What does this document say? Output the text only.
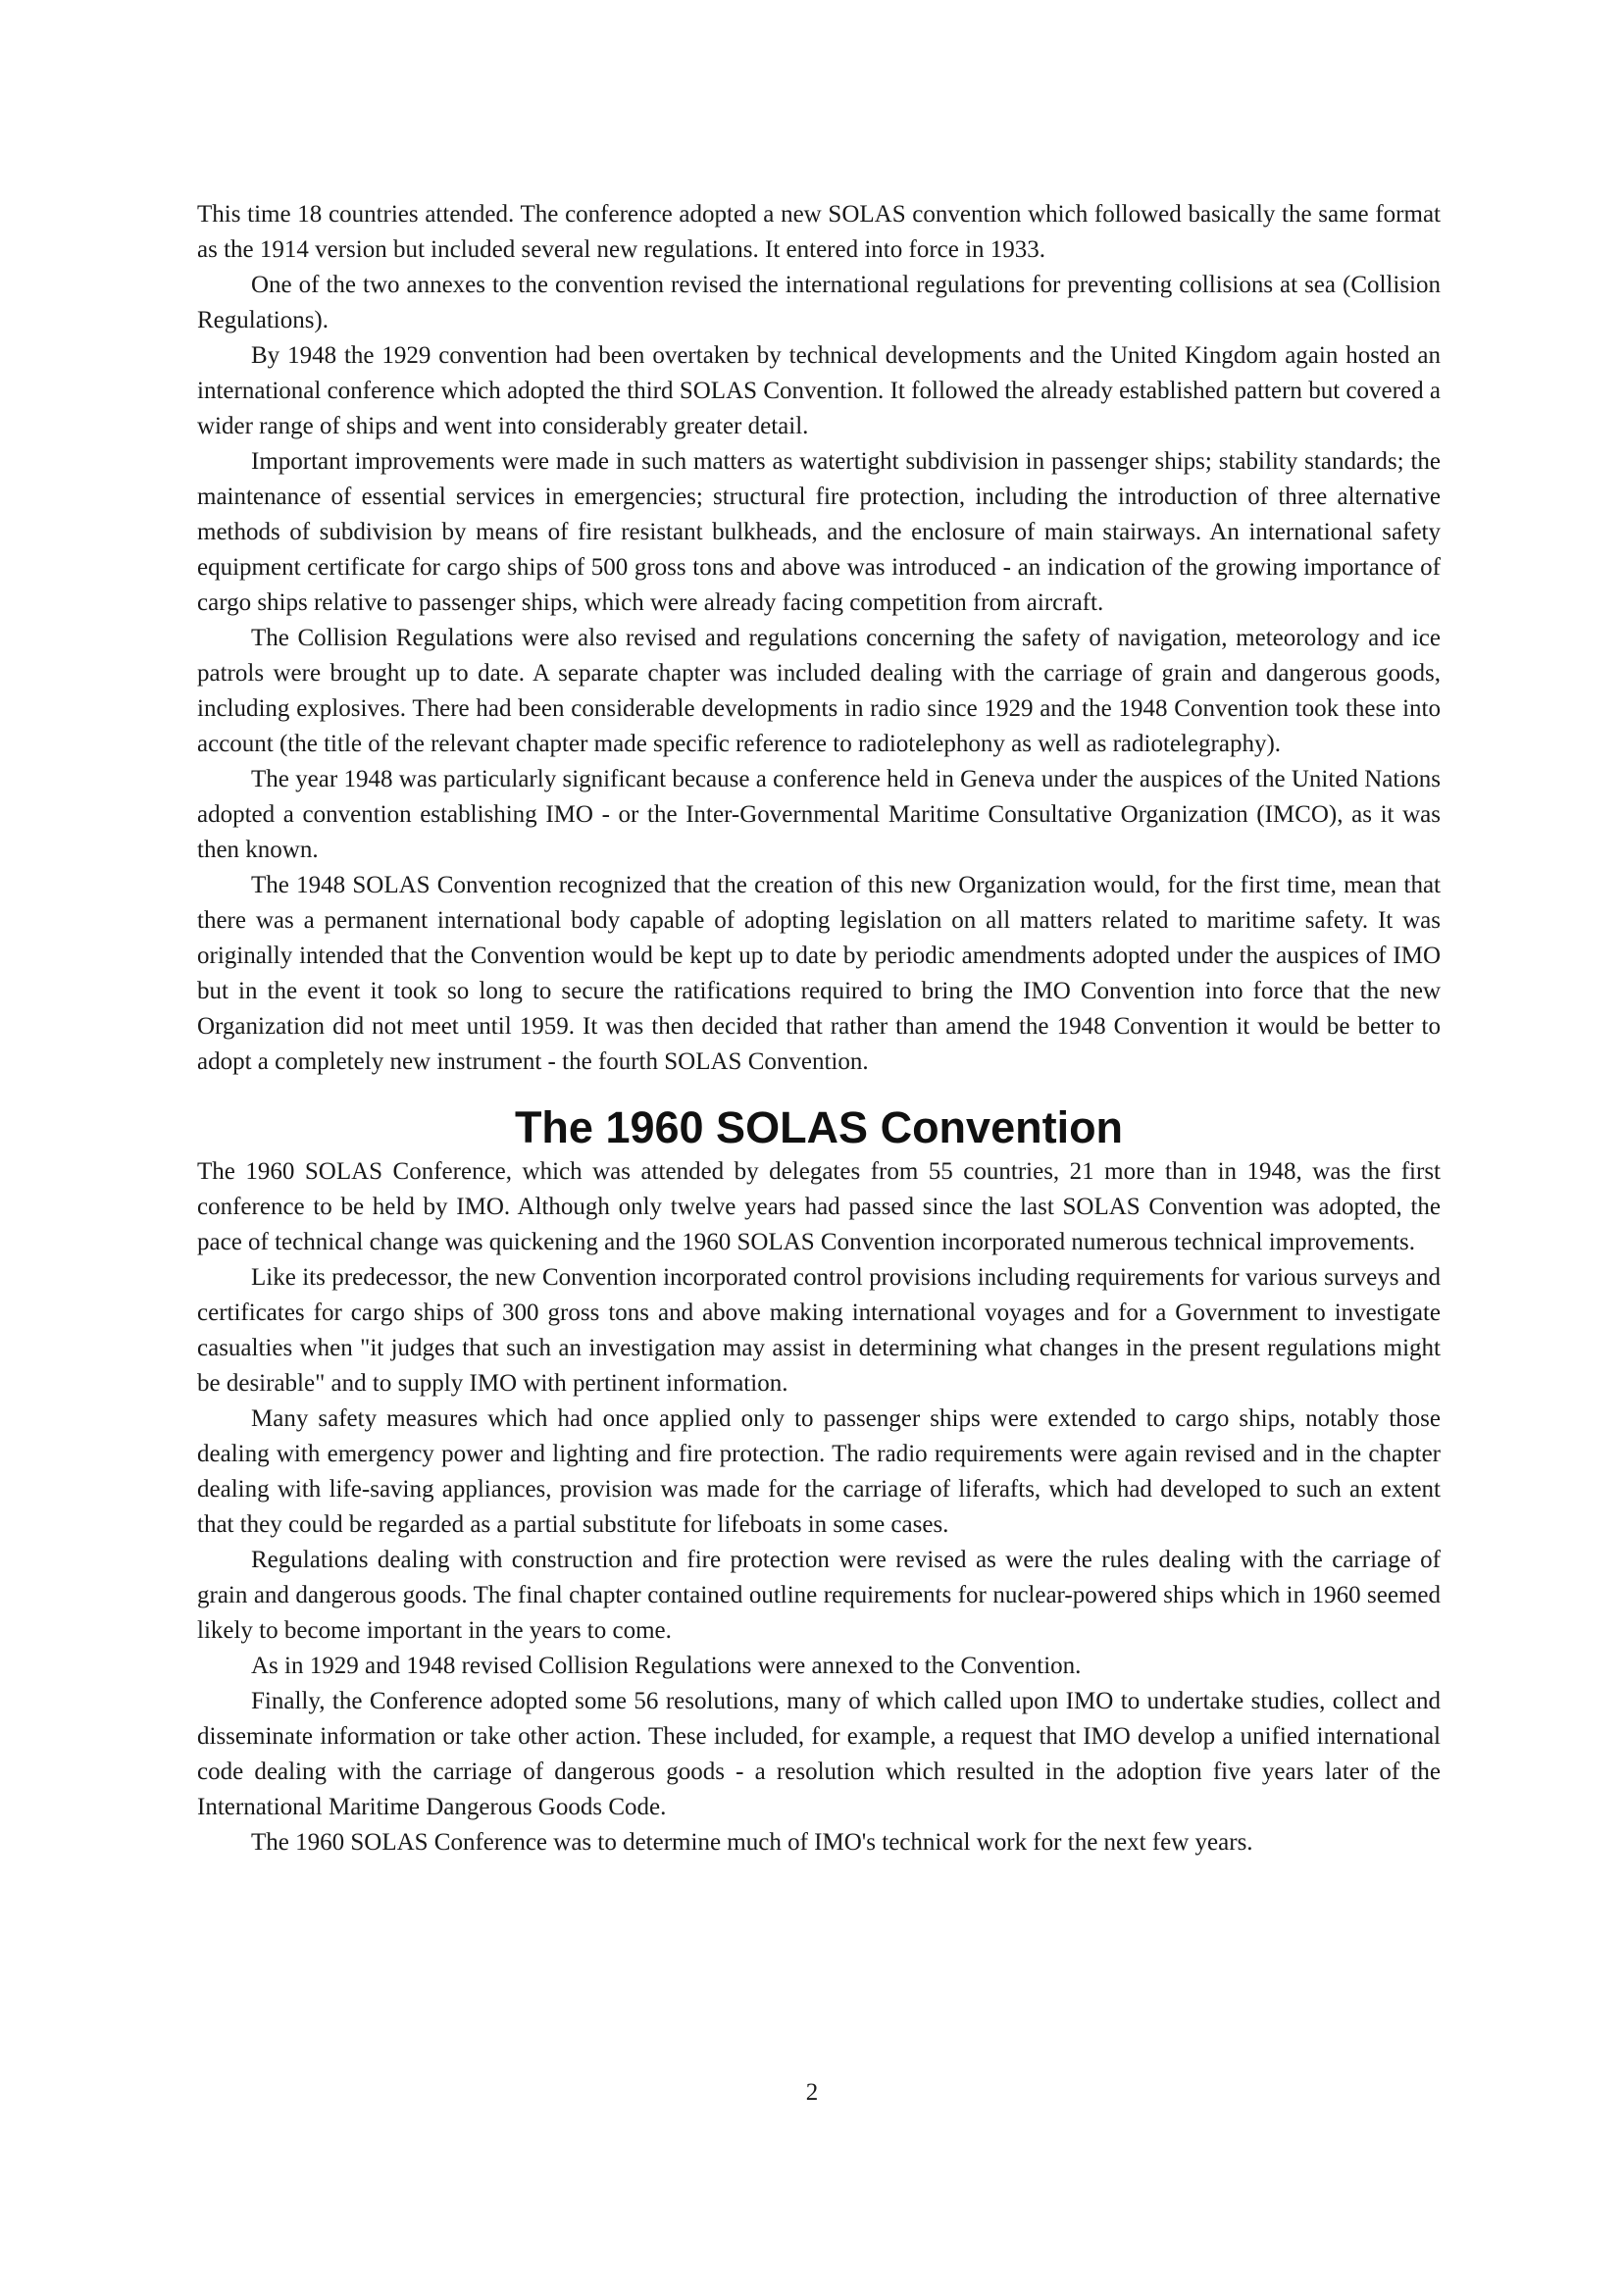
This time 18 countries attended. The conference adopted a new SOLAS convention which followed basically the same format as the 1914 version but included several new regulations. It entered into force in 1933.

One of the two annexes to the convention revised the international regulations for preventing collisions at sea (Collision Regulations).

By 1948 the 1929 convention had been overtaken by technical developments and the United Kingdom again hosted an international conference which adopted the third SOLAS Convention. It followed the already established pattern but covered a wider range of ships and went into considerably greater detail.

Important improvements were made in such matters as watertight subdivision in passenger ships; stability standards; the maintenance of essential services in emergencies; structural fire protection, including the introduction of three alternative methods of subdivision by means of fire resistant bulkheads, and the enclosure of main stairways. An international safety equipment certificate for cargo ships of 500 gross tons and above was introduced - an indication of the growing importance of cargo ships relative to passenger ships, which were already facing competition from aircraft.

The Collision Regulations were also revised and regulations concerning the safety of navigation, meteorology and ice patrols were brought up to date. A separate chapter was included dealing with the carriage of grain and dangerous goods, including explosives. There had been considerable developments in radio since 1929 and the 1948 Convention took these into account (the title of the relevant chapter made specific reference to radiotelephony as well as radiotelegraphy).

The year 1948 was particularly significant because a conference held in Geneva under the auspices of the United Nations adopted a convention establishing IMO - or the Inter-Governmental Maritime Consultative Organization (IMCO), as it was then known.

The 1948 SOLAS Convention recognized that the creation of this new Organization would, for the first time, mean that there was a permanent international body capable of adopting legislation on all matters related to maritime safety. It was originally intended that the Convention would be kept up to date by periodic amendments adopted under the auspices of IMO but in the event it took so long to secure the ratifications required to bring the IMO Convention into force that the new Organization did not meet until 1959. It was then decided that rather than amend the 1948 Convention it would be better to adopt a completely new instrument - the fourth SOLAS Convention.

The 1960 SOLAS Convention

The 1960 SOLAS Conference, which was attended by delegates from 55 countries, 21 more than in 1948, was the first conference to be held by IMO. Although only twelve years had passed since the last SOLAS Convention was adopted, the pace of technical change was quickening and the 1960 SOLAS Convention incorporated numerous technical improvements.

Like its predecessor, the new Convention incorporated control provisions including requirements for various surveys and certificates for cargo ships of 300 gross tons and above making international voyages and for a Government to investigate casualties when "it judges that such an investigation may assist in determining what changes in the present regulations might be desirable" and to supply IMO with pertinent information.

Many safety measures which had once applied only to passenger ships were extended to cargo ships, notably those dealing with emergency power and lighting and fire protection. The radio requirements were again revised and in the chapter dealing with life-saving appliances, provision was made for the carriage of liferafts, which had developed to such an extent that they could be regarded as a partial substitute for lifeboats in some cases.

Regulations dealing with construction and fire protection were revised as were the rules dealing with the carriage of grain and dangerous goods. The final chapter contained outline requirements for nuclear-powered ships which in 1960 seemed likely to become important in the years to come.

As in 1929 and 1948 revised Collision Regulations were annexed to the Convention.

Finally, the Conference adopted some 56 resolutions, many of which called upon IMO to undertake studies, collect and disseminate information or take other action. These included, for example, a request that IMO develop a unified international code dealing with the carriage of dangerous goods - a resolution which resulted in the adoption five years later of the International Maritime Dangerous Goods Code.

The 1960 SOLAS Conference was to determine much of IMO's technical work for the next few years.

2
